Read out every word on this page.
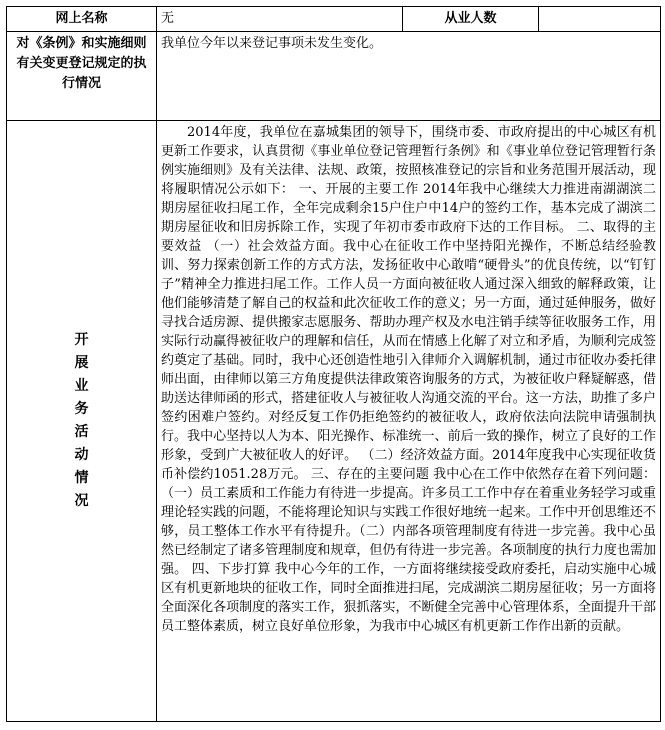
网上名称	无	从业人数	
对《条例》和实施细则有关变更登记规定的执行情况	我单位今年以来登记事项未发生变化。		

开展业务活动情况	2014年度，我单位在嘉城集团的领导下，围绕市委、市政府提出的中心城区有机更新工作要求，认真贯彻《事业单位登记管理暂行条例》和《事业单位登记管理暂行条例实施细则》及有关法律、法规、政策，按照核准登记的宗旨和业务范围开展活动，现将履职情况公示如下： 一、开展的主要工作 2014年我中心继续大力推进南湖湖滨二期房屋征收扫尾工作，全年完成剩余15户住户中14户的签约工作，基本完成了湖滨二期房屋征收和旧房拆除工作，实现了年初市委市政府下达的工作目标。 二、取得的主要效益 （一）社会效益方面。我中心在征收工作中坚持阳光操作，不断总结经验教训、努力探索创新工作的方式方法，发扬征收中心敢啃“硬骨头”的优良传统，以“钉钉子”精神全力推进扫尾工作。工作人员一方面向被征收人通过深入细致的解释政策，让他们能够清楚了解自己的权益和此次征收工作的意义；另一方面，通过延伸服务，做好寻找合适房源、提供搬家志愿服务、帮助办理产权及水电注销手续等征收服务工作，用实际行动赢得被征收户的理解和信任，从而在情感上化解了对立和矛盾，为顺利完成签约奠定了基础。同时，我中心还创造性地引入律师介入调解机制，通过市征收办委托律师出面，由律师以第三方角度提供法律政策咨询服务的方式，为被征收户释疑解惑，借助送达律师函的形式，搭建征收人与被征收人沟通交流的平台。这一方法，助推了多户签约困难户签约。对经反复工作仍拒绝签约的被征收人，政府依法向法院申请强制执行。我中心坚持以人为本、阳光操作、标准统一、前后一致的操作，树立了良好的工作形象，受到广大被征收人的好评。 （二）经济效益方面。2014年度我中心实现征收货币补偿约1051.28万元。 三、存在的主要问题 我中心在工作中依然存在着下列问题：（一）员工素质和工作能力有待进一步提高。许多员工工作中存在着重业务轻学习或重理论轻实践的问题，不能将理论知识与实践工作很好地统一起来。工作中开创思维还不够，员工整体工作水平有待提升。（二）内部各项管理制度有待进一步完善。我中心虽然已经制定了诸多管理制度和规章，但仍有待进一步完善。各项制度的执行力度也需加强。 四、下步打算 我中心今年的工作，一方面将继续接受政府委托，启动实施中心城区有机更新地块的征收工作，同时全面推进扫尾，完成湖滨二期房屋征收；另一方面将全面深化各项制度的落实工作，狠抓落实，不断健全完善中心管理体系，全面提升干部员工整体素质，树立良好单位形象，为我市中心城区有机更新工作作出新的贡献。		
